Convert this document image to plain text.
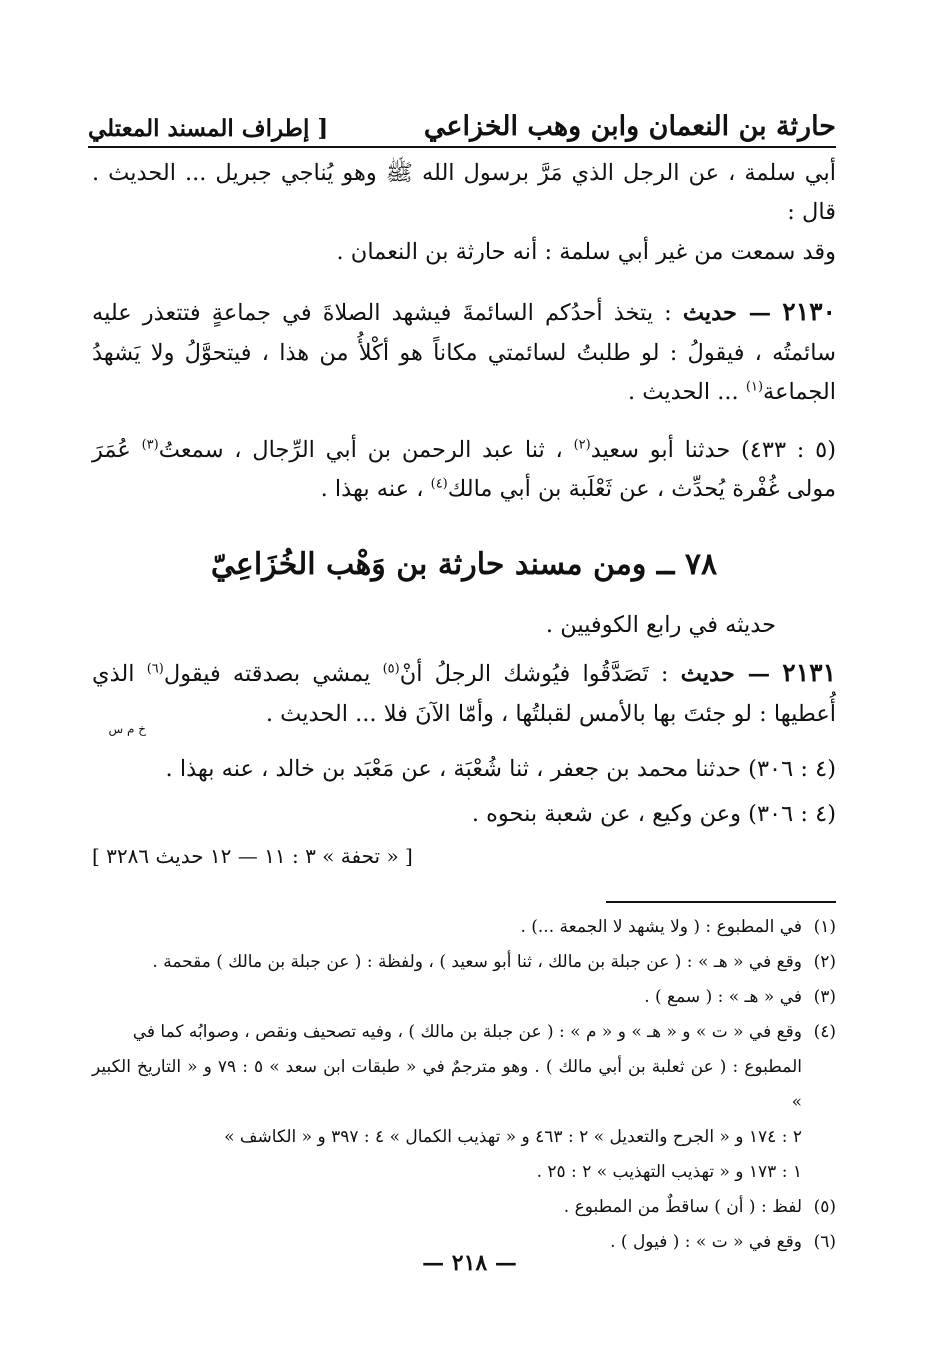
حارثة بن النعمان وابن وهب الخزاعي
[ إطراف المسند المعتلي

أبي سلمة ، عن الرجل الذي مَرَّ برسول الله ﷺ وهو يُناجي جبريل ... الحديث . قال :

وقد سمعت من غير أبي سلمة : أنه حارثة بن النعمان .

٢١٣٠ — حديث : يتخذ أحدُكم السائمةَ فيشهد الصلاةَ في جماعةٍ فتتعذر عليه سائمتُه ، فيقولُ : لو طلبتُ لسائمتي مكاناً هو أكْلأُ من هذا ، فيتحوَّلُ ولا يَشهدُ الجماعة$^{(١)}$ ... الحديث .

(٥ : ٤٣٣) حدثنا أبو سعيد$^{(٢)}$ ، ثنا عبد الرحمن بن أبي الرِّجال ، سمعتُ$^{(٣)}$ عُمَرَ مولى غُفْرة يُحدِّث ، عن ثَعْلَبة بن أبي مالك$^{(٤)}$ ، عنه بهذا .

٧٨ ــ ومن مسند حارثة بن وَهْب الخُزَاعِيّ

حديثه في رابع الكوفيين .

٢١٣١ — حديث : تَصَدَّقُوا فيُوشك الرجلُ أنْ$^{(٥)}$ يمشي بصدقته فيقول$^{(٦)}$ الذي أُعطيها : لو جئتَ بها بالأمس لقبلتُها ، وأمّا الآنَ فلا ... الحديث .

خ م س

(٤ : ٣٠٦) حدثنا محمد بن جعفر ، ثنا شُعْبَة ، عن مَعْبَد بن خالد ، عنه بهذا .

(٤ : ٣٠٦) وعن وكيع ، عن شعبة بنحوه .

[ « تحفة » ٣ : ١١ — ١٢ حديث ٣٢٨٦ ]

(١)
في المطبوع : ( ولا يشهد لا الجمعة ...) .
(٢)
وقع في « هـ » : ( عن جبلة بن مالك ، ثنا أبو سعيد ) ، ولفظة : ( عن جبلة بن مالك ) مقحمة .
(٣)
في « هـ » : ( سمع ) .
(٤)
وقع في « ت » و « هـ » و « م » : ( عن جبلة بن مالك ) ، وفيه تصحيف ونقص ، وصوابُه كما في

المطبوع : ( عن ثعلبة بن أبي مالك ) . وهو مترجمٌ في « طبقات ابن سعد » ٥ : ٧٩ و « التاريخ الكبير »

٢ : ١٧٤ و « الجرح والتعديل » ٢ : ٤٦٣ و « تهذيب الكمال » ٤ : ٣٩٧ و « الكاشف »

١ : ١٧٣ و « تهذيب التهذيب » ٢ : ٢٥ .

(٥)
لفظ : ( أن ) ساقطٌ من المطبوع .
(٦)
وقع في « ت » : ( فيول ) .
— ٢١٨ —
